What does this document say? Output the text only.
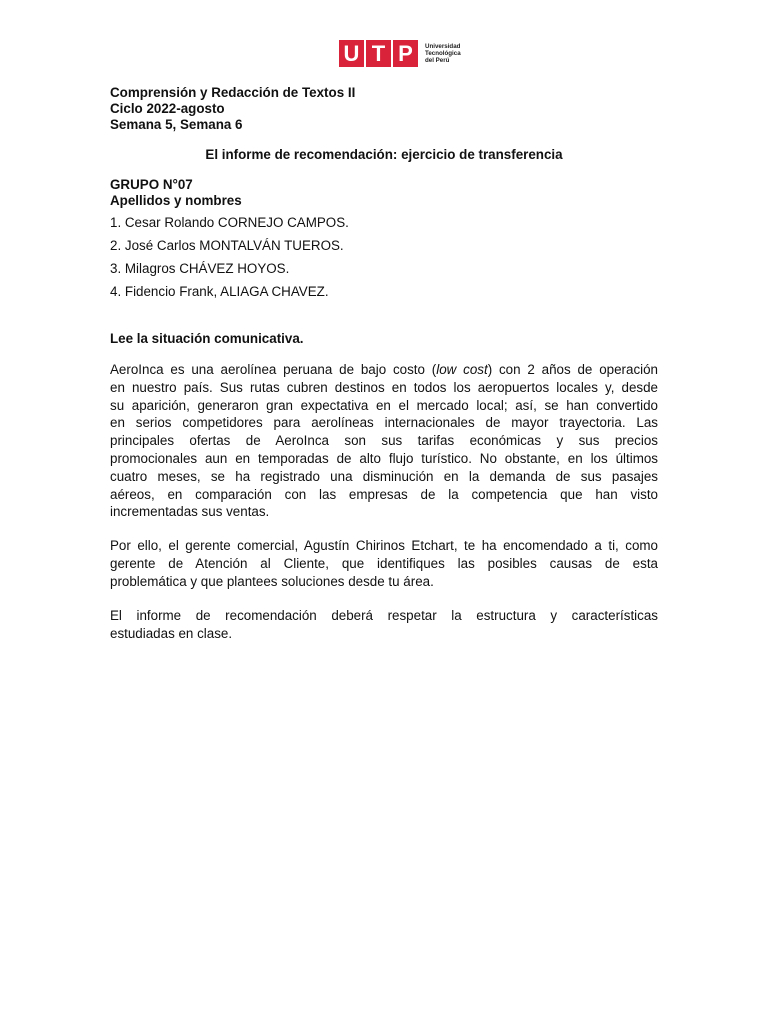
U T P	Universidad
Tecnológica
del Perú
Comprensión y Redacción de Textos II
Ciclo 2022-agosto
Semana 5, Semana 6
El informe de recomendación: ejercicio de transferencia
GRUPO N°07
Apellidos y nombres
1. Cesar Rolando CORNEJO CAMPOS.
2. José Carlos MONTALVÁN TUEROS.
3. Milagros CHÁVEZ HOYOS.
4. Fidencio Frank, ALIAGA CHAVEZ.
Lee la situación comunicativa.
AeroInca es una aerolínea peruana de bajo costo (low cost) con 2 años de operación
en nuestro país. Sus rutas cubren destinos en todos los aeropuertos locales y, desde
su aparición, generaron gran expectativa en el mercado local; así, se han convertido
en serios competidores para aerolíneas internacionales de mayor trayectoria. Las
principales ofertas de AeroInca son sus tarifas económicas y sus precios
promocionales aun en temporadas de alto flujo turístico. No obstante, en los últimos
cuatro meses, se ha registrado una disminución en la demanda de sus pasajes
aéreos, en comparación con las empresas de la competencia que han visto
incrementadas sus ventas.
Por ello, el gerente comercial, Agustín Chirinos Etchart, te ha encomendado a ti, como
gerente de Atención al Cliente, que identifiques las posibles causas de esta
problemática y que plantees soluciones desde tu área.
El informe de recomendación deberá respetar la estructura y características
estudiadas en clase.
